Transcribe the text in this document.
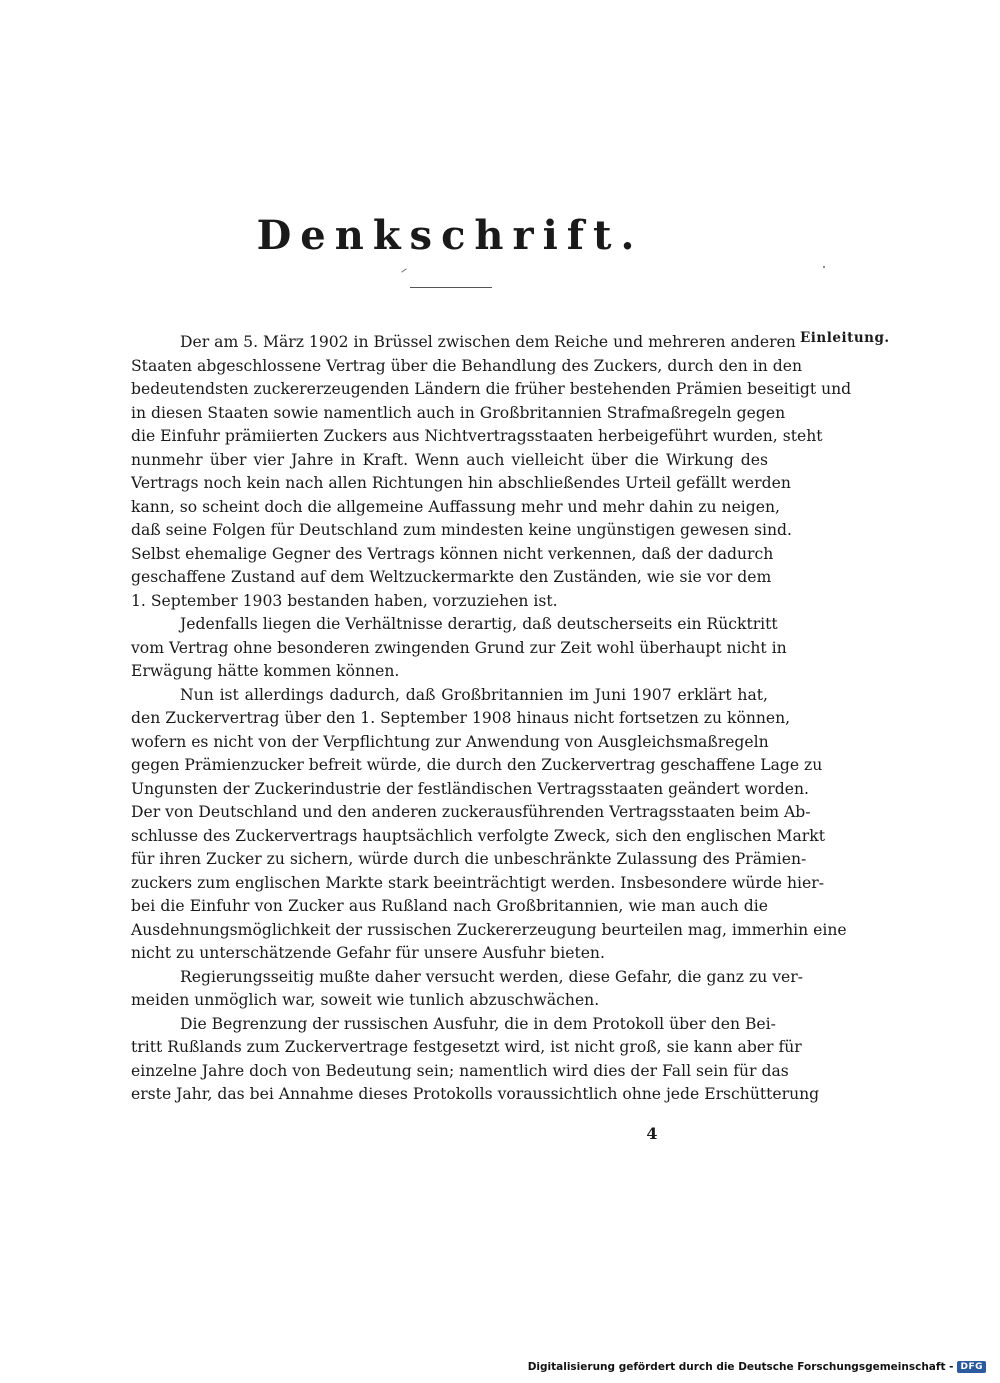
Denkschrift.
Einleitung.
Der am 5. März 1902 in Brüssel zwischen dem Reiche und mehreren anderen
Staaten abgeschlossene Vertrag über die Behandlung des Zuckers, durch den in den
bedeutendsten zuckererzeugenden Ländern die früher bestehenden Prämien beseitigt und
in diesen Staaten sowie namentlich auch in Großbritannien Strafmaßregeln gegen
die Einfuhr prämiierten Zuckers aus Nichtvertragsstaaten herbeigeführt wurden, steht
nunmehr über vier Jahre in Kraft. Wenn auch vielleicht über die Wirkung des
Vertrags noch kein nach allen Richtungen hin abschließendes Urteil gefällt werden
kann, so scheint doch die allgemeine Auffassung mehr und mehr dahin zu neigen,
daß seine Folgen für Deutschland zum mindesten keine ungünstigen gewesen sind.
Selbst ehemalige Gegner des Vertrags können nicht verkennen, daß der dadurch
geschaffene Zustand auf dem Weltzuckermarkte den Zuständen, wie sie vor dem
1. September 1903 bestanden haben, vorzuziehen ist.
Jedenfalls liegen die Verhältnisse derartig, daß deutscherseits ein Rücktritt
vom Vertrag ohne besonderen zwingenden Grund zur Zeit wohl überhaupt nicht in
Erwägung hätte kommen können.
Nun ist allerdings dadurch, daß Großbritannien im Juni 1907 erklärt hat,
den Zuckervertrag über den 1. September 1908 hinaus nicht fortsetzen zu können,
wofern es nicht von der Verpflichtung zur Anwendung von Ausgleichsmaßregeln
gegen Prämienzucker befreit würde, die durch den Zuckervertrag geschaffene Lage zu
Ungunsten der Zuckerindustrie der festländischen Vertragsstaaten geändert worden.
Der von Deutschland und den anderen zuckerausführenden Vertragsstaaten beim Ab-
schlusse des Zuckervertrags hauptsächlich verfolgte Zweck, sich den englischen Markt
für ihren Zucker zu sichern, würde durch die unbeschränkte Zulassung des Prämien-
zuckers zum englischen Markte stark beeinträchtigt werden. Insbesondere würde hier-
bei die Einfuhr von Zucker aus Rußland nach Großbritannien, wie man auch die
Ausdehnungsmöglichkeit der russischen Zuckererzeugung beurteilen mag, immerhin eine
nicht zu unterschätzende Gefahr für unsere Ausfuhr bieten.
Regierungsseitig mußte daher versucht werden, diese Gefahr, die ganz zu ver-
meiden unmöglich war, soweit wie tunlich abzuschwächen.
Die Begrenzung der russischen Ausfuhr, die in dem Protokoll über den Bei-
tritt Rußlands zum Zuckervertrage festgesetzt wird, ist nicht groß, sie kann aber für
einzelne Jahre doch von Bedeutung sein; namentlich wird dies der Fall sein für das
erste Jahr, das bei Annahme dieses Protokolls voraussichtlich ohne jede Erschütterung
4
Digitalisierung gefördert durch die Deutsche Forschungsgemeinschaft - DFG
